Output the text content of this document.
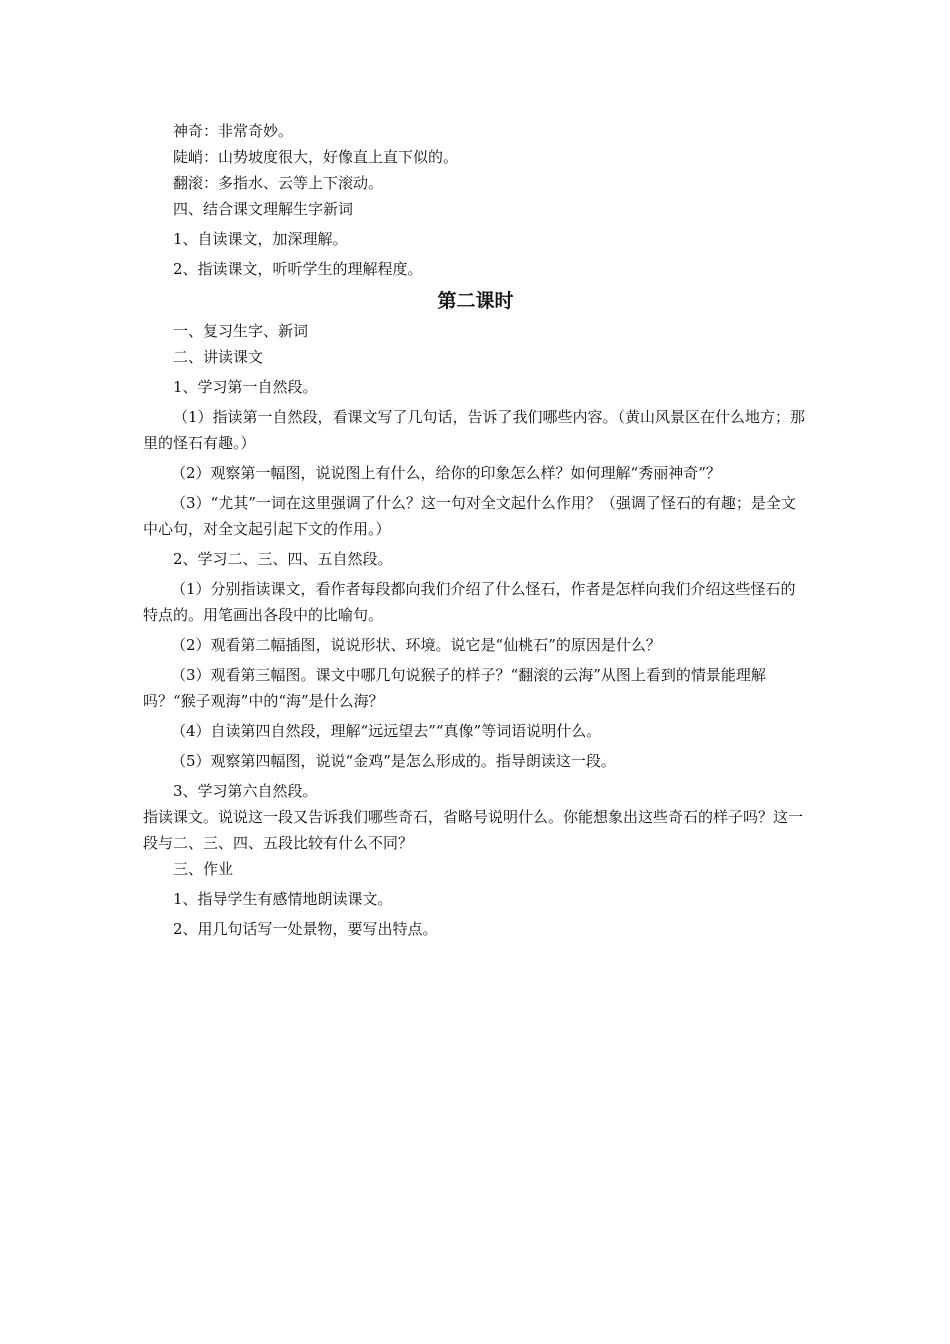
神奇：非常奇妙。

陡峭：山势坡度很大，好像直上直下似的。

翻滚：多指水、云等上下滚动。

四、结合课文理解生字新词

1、自读课文，加深理解。

2、指读课文，听听学生的理解程度。

第二课时

一、复习生字、新词

二、讲读课文

1、学习第一自然段。

（1）指读第一自然段，看课文写了几句话，告诉了我们哪些内容。（黄山风景区在什么地方；那里的怪石有趣。）

（2）观察第一幅图，说说图上有什么，给你的印象怎么样？如何理解“秀丽神奇”？

（3）“尤其”一词在这里强调了什么？这一句对全文起什么作用？（强调了怪石的有趣；是全文中心句，对全文起引起下文的作用。）

2、学习二、三、四、五自然段。

（1）分别指读课文，看作者每段都向我们介绍了什么怪石，作者是怎样向我们介绍这些怪石的特点的。用笔画出各段中的比喻句。

（2）观看第二幅插图，说说形状、环境。说它是“仙桃石”的原因是什么？

（3）观看第三幅图。课文中哪几句说猴子的样子？“翻滚的云海”从图上看到的情景能理解吗？“猴子观海”中的“海”是什么海？

（4）自读第四自然段，理解“远远望去”“真像”等词语说明什么。

（5）观察第四幅图，说说“金鸡”是怎么形成的。指导朗读这一段。

3、学习第六自然段。

指读课文。说说这一段又告诉我们哪些奇石，省略号说明什么。你能想象出这些奇石的样子吗？这一段与二、三、四、五段比较有什么不同？

三、作业

1、指导学生有感情地朗读课文。

2、用几句话写一处景物，要写出特点。
